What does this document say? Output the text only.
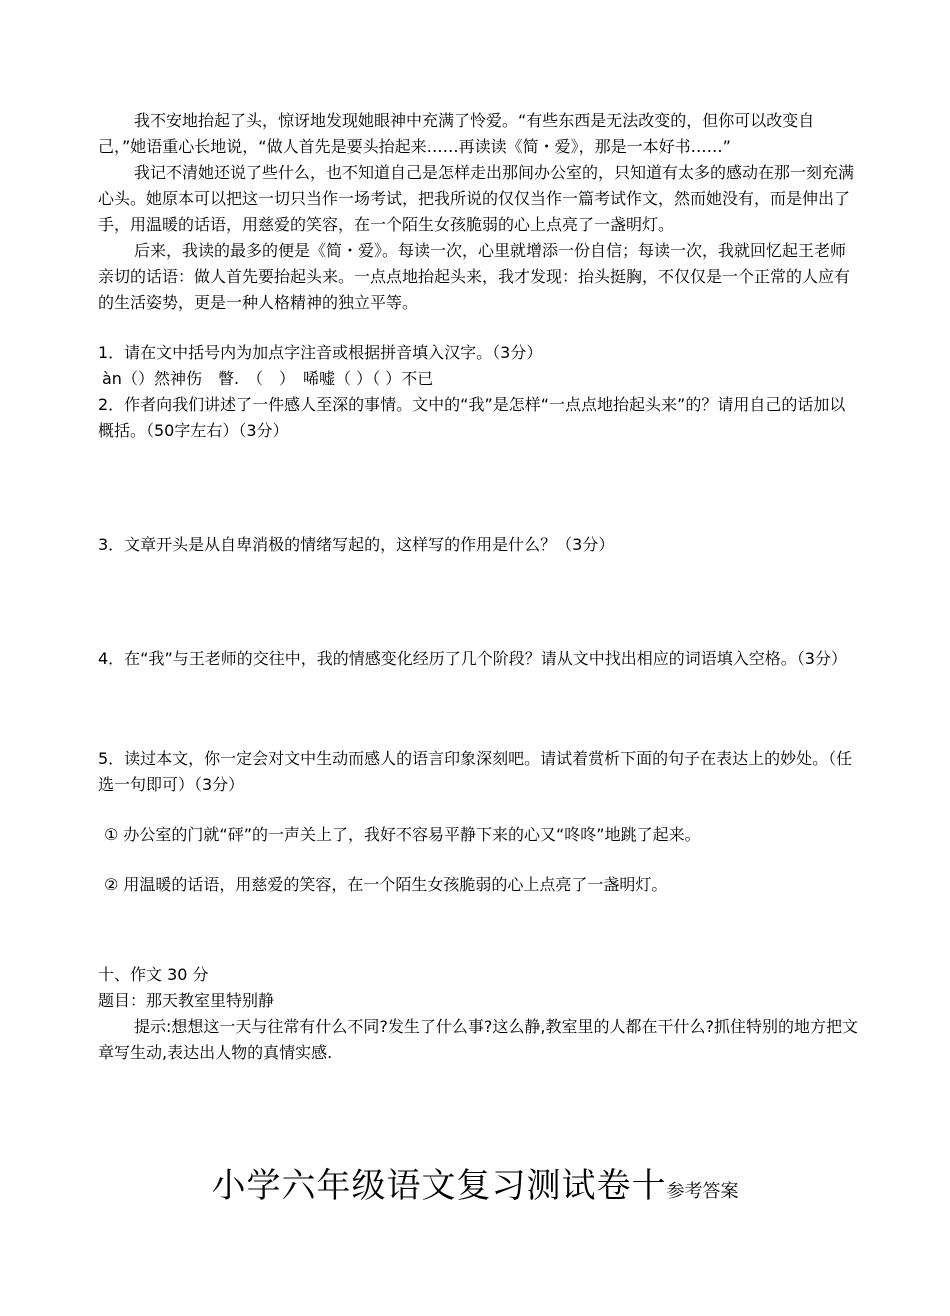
我不安地抬起了头，惊讶地发现她眼神中充满了怜爱。“有些东西是无法改变的，但你可以改变自己，”她语重心长地说，“做人首先是要头抬起来……再读读《简・爱》，那是一本好书……”

我记不清她还说了些什么，也不知道自己是怎样走出那间办公室的，只知道有太多的感动在那一刻充满心头。她原本可以把这一切只当作一场考试，把我所说的仅仅当作一篇考试作文，然而她没有，而是伸出了手，用温暖的话语，用慈爱的笑容，在一个陌生女孩脆弱的心上点亮了一盏明灯。

后来，我读的最多的便是《简・爱》。每读一次，心里就增添一份自信；每读一次，我就回忆起王老师亲切的话语：做人首先要抬起头来。一点点地抬起头来，我才发现：抬头挺胸，不仅仅是一个正常的人应有的生活姿势，更是一种人格精神的独立平等。

1．请在文中括号内为加点字注音或根据拼音填入汉字。（3分）

àn（）然神伤　瞥.　（　）　唏嘘（ ）（ ）不已

2．作者向我们讲述了一件感人至深的事情。文中的“我”是怎样“一点点地抬起头来”的？请用自己的话加以概括。（50字左右）（3分）

3．文章开头是从自卑消极的情绪写起的，这样写的作用是什么？（3分）

4．在“我”与王老师的交往中，我的情感变化经历了几个阶段？请从文中找出相应的词语填入空格。（3分）

5．读过本文，你一定会对文中生动而感人的语言印象深刻吧。请试着赏析下面的句子在表达上的妙处。（任选一句即可）（3分）

① 办公室的门就“砰”的一声关上了，我好不容易平静下来的心又“咚咚”地跳了起来。

② 用温暖的话语，用慈爱的笑容，在一个陌生女孩脆弱的心上点亮了一盏明灯。

十、作文 30 分

题目：那天教室里特别静

提示:想想这一天与往常有什么不同?发生了什么事?这么静,教室里的人都在干什么?抓住特别的地方把文章写生动,表达出人物的真情实感.

小学六年级语文复习测试卷十参考答案
